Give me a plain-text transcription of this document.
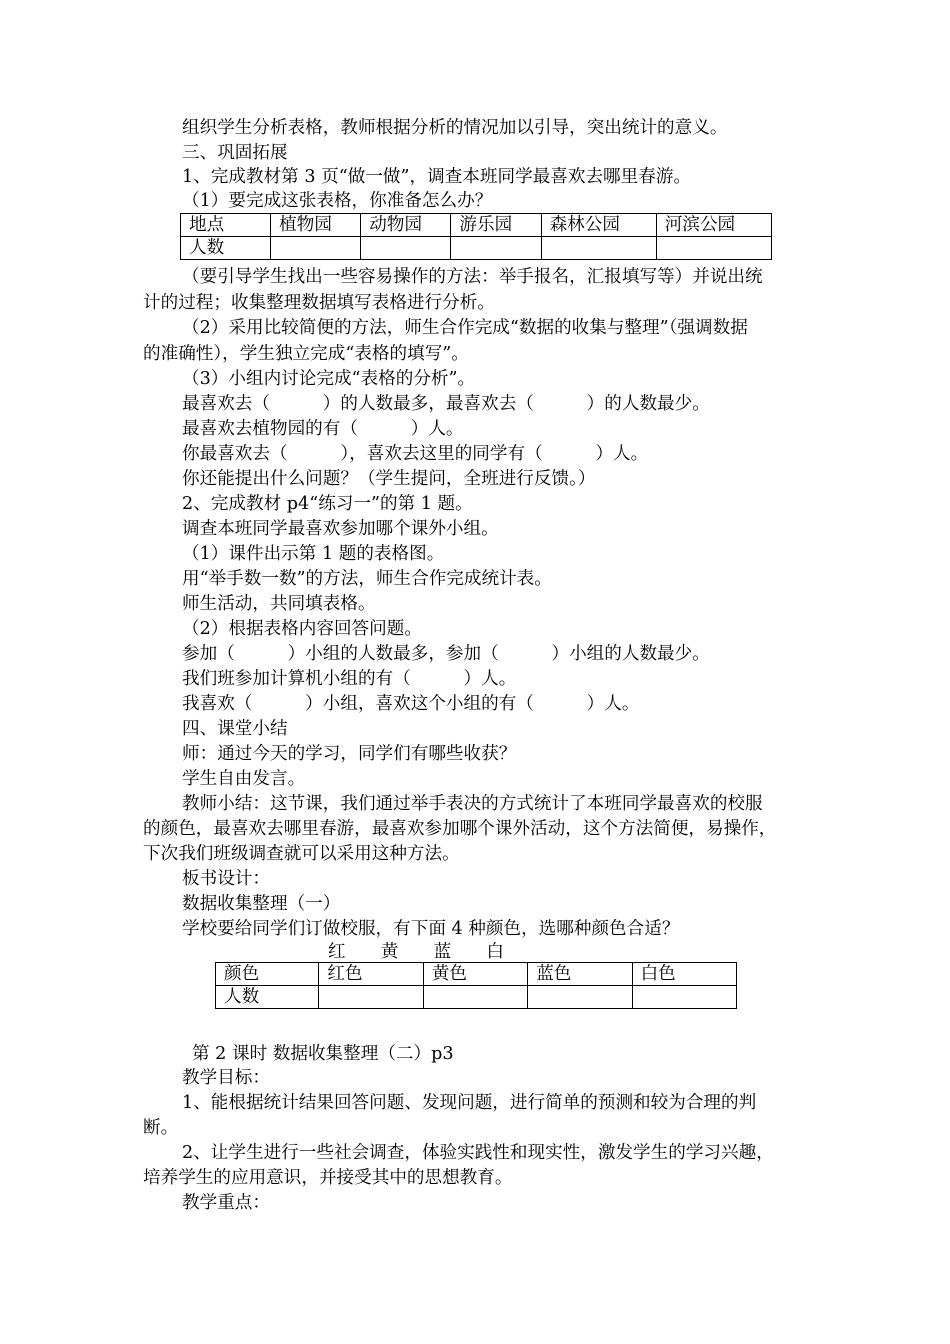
组织学生分析表格，教师根据分析的情况加以引导，突出统计的意义。
三、巩固拓展
1、完成教材第 3 页“做一做”，调查本班同学最喜欢去哪里春游。
（1）要完成这张表格，你准备怎么办？
地点	植物园	动物园	游乐园	森林公园	河滨公园
人数					
（要引导学生找出一些容易操作的方法：举手报名，汇报填写等）并说出统
计的过程；收集整理数据填写表格进行分析。
（2）采用比较简便的方法，师生合作完成“数据的收集与整理”（强调数据
的准确性），学生独立完成“表格的填写”。
（3）小组内讨论完成“表格的分析”。
最喜欢去（　　　）的人数最多，最喜欢去（　　　）的人数最少。
最喜欢去植物园的有（　　　）人。
你最喜欢去（　　　），喜欢去这里的同学有（　　　）人。
你还能提出什么问题？（学生提问，全班进行反馈。）
2、完成教材 p4“练习一”的第 1 题。
调查本班同学最喜欢参加哪个课外小组。
（1）课件出示第 1 题的表格图。
用“举手数一数”的方法，师生合作完成统计表。
师生活动，共同填表格。
（2）根据表格内容回答问题。
参加（　　　）小组的人数最多，参加（　　　）小组的人数最少。
我们班参加计算机小组的有（　　　）人。
我喜欢（　　　）小组，喜欢这个小组的有（　　　）人。
四、课堂小结
师：通过今天的学习，同学们有哪些收获？
学生自由发言。
教师小结：这节课，我们通过举手表决的方式统计了本班同学最喜欢的校服
的颜色，最喜欢去哪里春游，最喜欢参加哪个课外活动，这个方法简便，易操作，
下次我们班级调查就可以采用这种方法。
板书设计：
数据收集整理（一）
学校要给同学们订做校服，有下面 4 种颜色，选哪种颜色合适？
红　　黄　　蓝　　白
颜色	红色	黄色	蓝色	白色
人数				
第 2 课时 数据收集整理（二）p3
教学目标：
1、能根据统计结果回答问题、发现问题，进行简单的预测和较为合理的判
断。
2、让学生进行一些社会调查，体验实践性和现实性，激发学生的学习兴趣，
培养学生的应用意识，并接受其中的思想教育。
教学重点：
